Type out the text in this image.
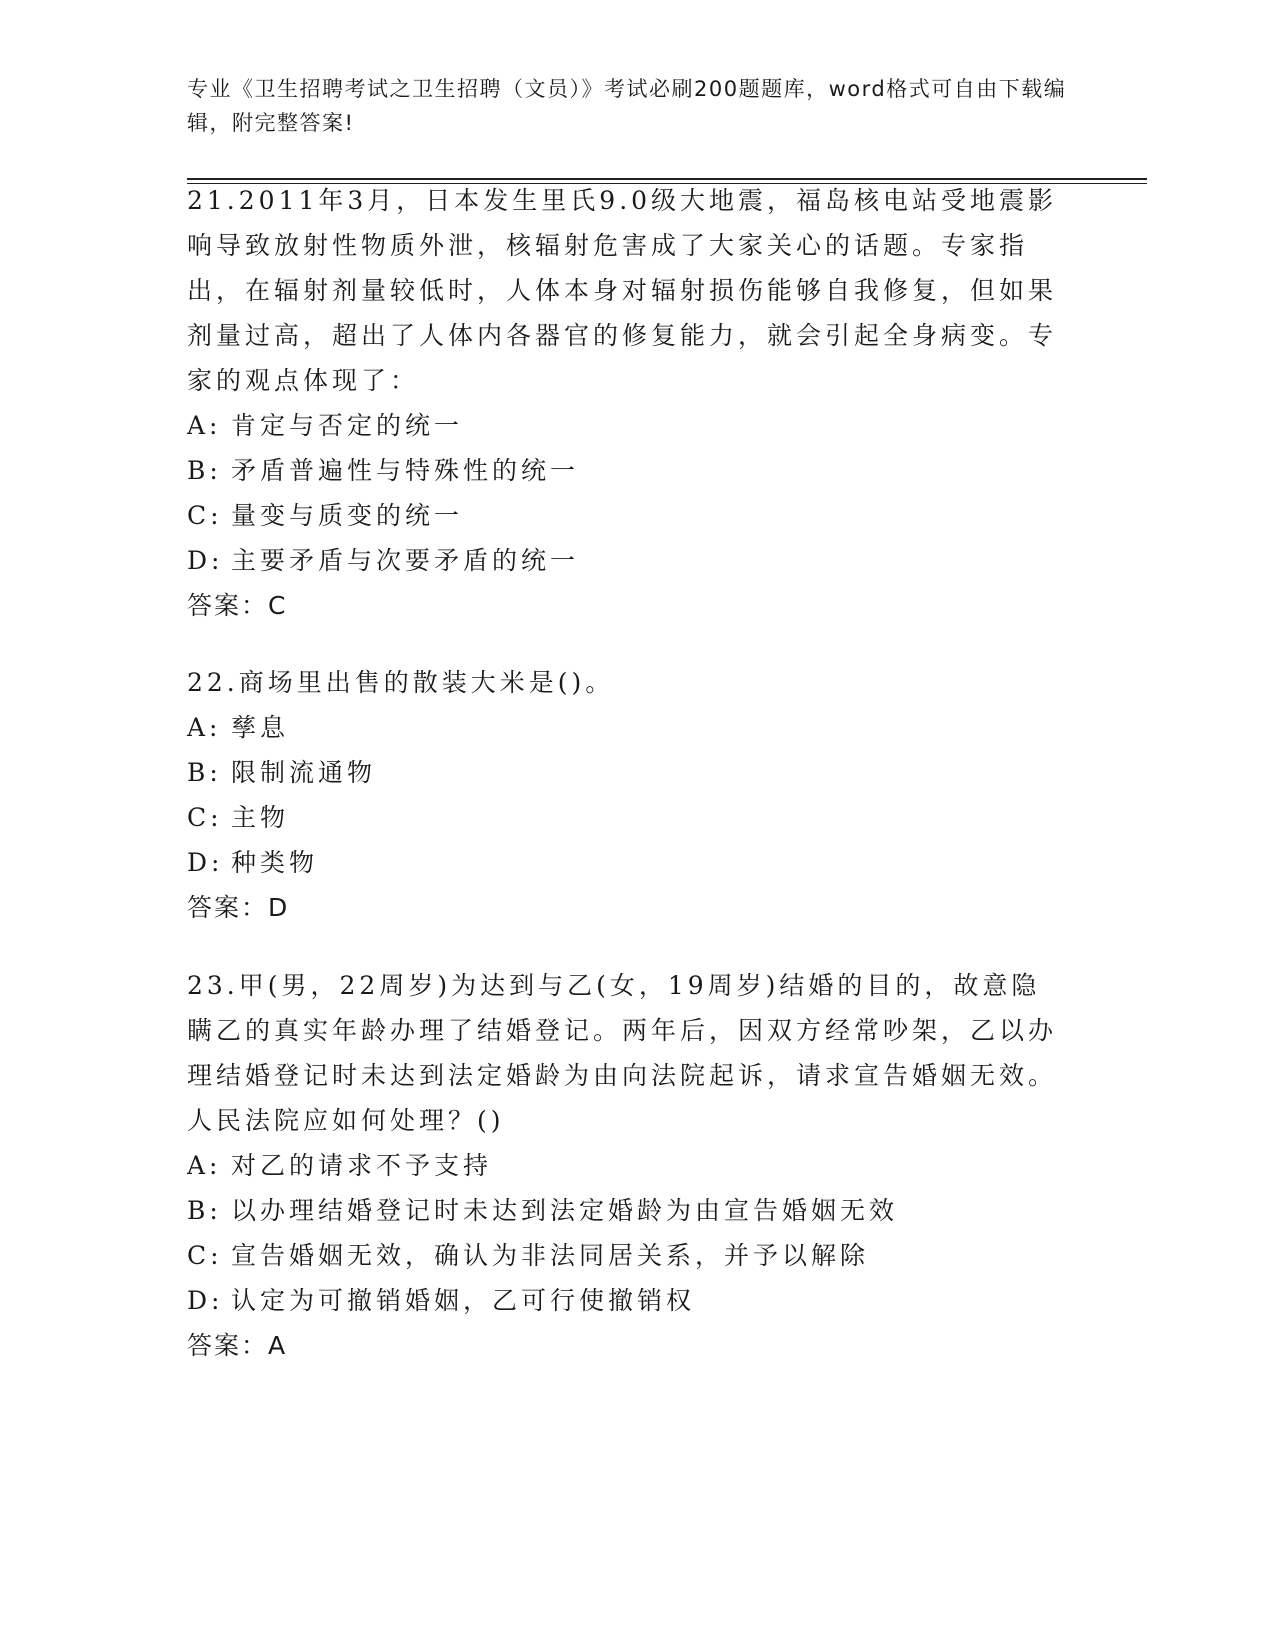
专业《卫生招聘考试之卫生招聘（文员）》考试必刷200题题库，word格式可自由下载编辑，附完整答案!

21.2011年3月，日本发生里氏9.0级大地震，福岛核电站受地震影响导致放射性物质外泄，核辐射危害成了大家关心的话题。专家指出，在辐射剂量较低时，人体本身对辐射损伤能够自我修复，但如果剂量过高，超出了人体内各器官的修复能力，就会引起全身病变。专家的观点体现了：

A: 肯定与否定的统一

B: 矛盾普遍性与特殊性的统一

C: 量变与质变的统一

D: 主要矛盾与次要矛盾的统一

答案：C

22.商场里出售的散装大米是()。

A: 孳息

B: 限制流通物

C: 主物

D: 种类物

答案：D

23.甲(男，22周岁)为达到与乙(女，19周岁)结婚的目的，故意隐瞒乙的真实年龄办理了结婚登记。两年后，因双方经常吵架，乙以办理结婚登记时未达到法定婚龄为由向法院起诉，请求宣告婚姻无效。人民法院应如何处理？()

A: 对乙的请求不予支持

B: 以办理结婚登记时未达到法定婚龄为由宣告婚姻无效

C: 宣告婚姻无效，确认为非法同居关系，并予以解除

D: 认定为可撤销婚姻，乙可行使撤销权

答案：A
